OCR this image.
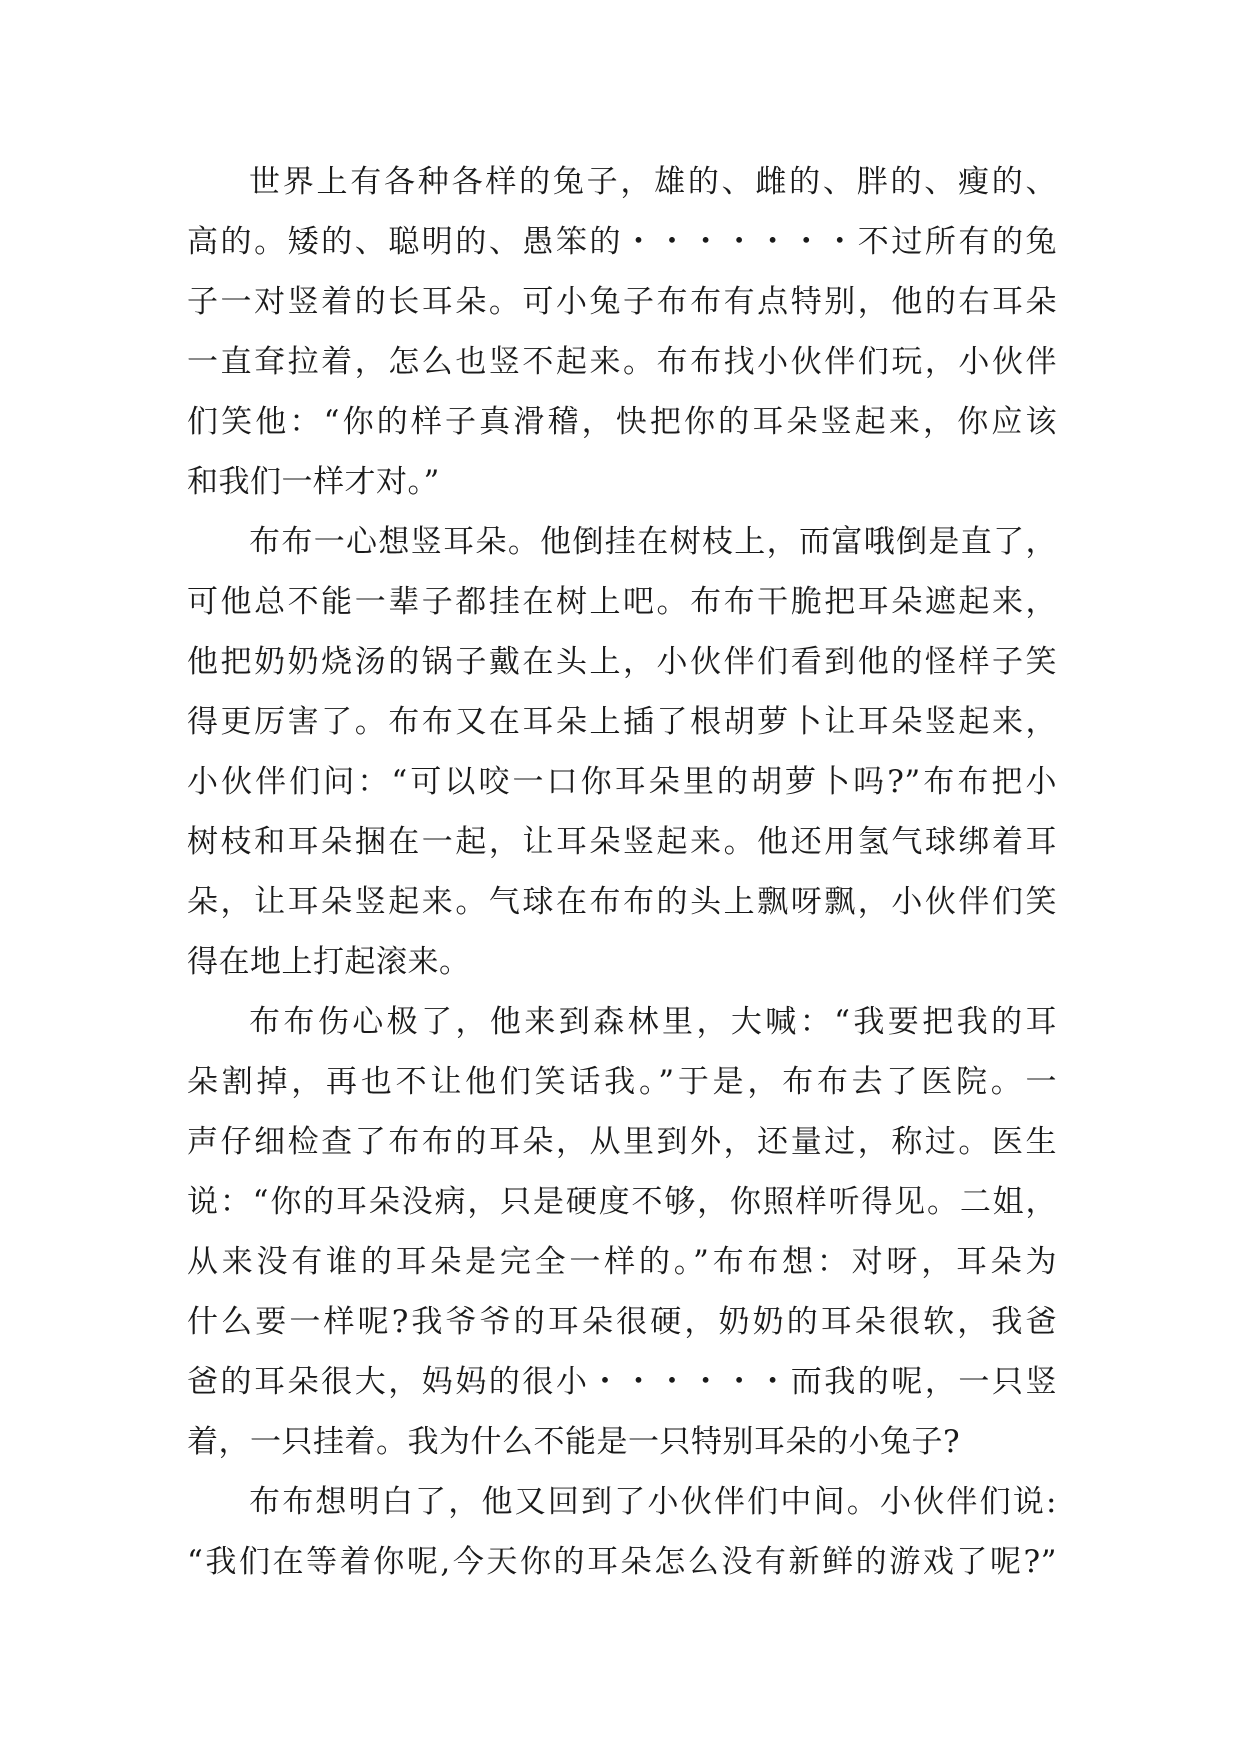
世界上有各种各样的兔子，雄的、雌的、胖的、瘦的、
高的。矮的、聪明的、愚笨的・・・・・・・不过所有的兔
子一对竖着的长耳朵。可小兔子布布有点特别，他的右耳朵
一直耷拉着，怎么也竖不起来。布布找小伙伴们玩，小伙伴
们笑他：“你的样子真滑稽，快把你的耳朵竖起来，你应该
和我们一样才对。”
布布一心想竖耳朵。他倒挂在树枝上，而富哦倒是直了，
可他总不能一辈子都挂在树上吧。布布干脆把耳朵遮起来，
他把奶奶烧汤的锅子戴在头上，小伙伴们看到他的怪样子笑
得更厉害了。布布又在耳朵上插了根胡萝卜让耳朵竖起来，
小伙伴们问：“可以咬一口你耳朵里的胡萝卜吗?”布布把小
树枝和耳朵捆在一起，让耳朵竖起来。他还用氢气球绑着耳
朵，让耳朵竖起来。气球在布布的头上飘呀飘，小伙伴们笑
得在地上打起滚来。
布布伤心极了，他来到森林里，大喊：“我要把我的耳
朵割掉，再也不让他们笑话我。”于是，布布去了医院。一
声仔细检查了布布的耳朵，从里到外，还量过，称过。医生
说：“你的耳朵没病，只是硬度不够，你照样听得见。二姐，
从来没有谁的耳朵是完全一样的。”布布想：对呀，耳朵为
什么要一样呢?我爷爷的耳朵很硬，奶奶的耳朵很软，我爸
爸的耳朵很大，妈妈的很小・・・・・・而我的呢，一只竖
着，一只挂着。我为什么不能是一只特别耳朵的小兔子?
布布想明白了，他又回到了小伙伴们中间。小伙伴们说:
“我们在等着你呢,今天你的耳朵怎么没有新鲜的游戏了呢?”
